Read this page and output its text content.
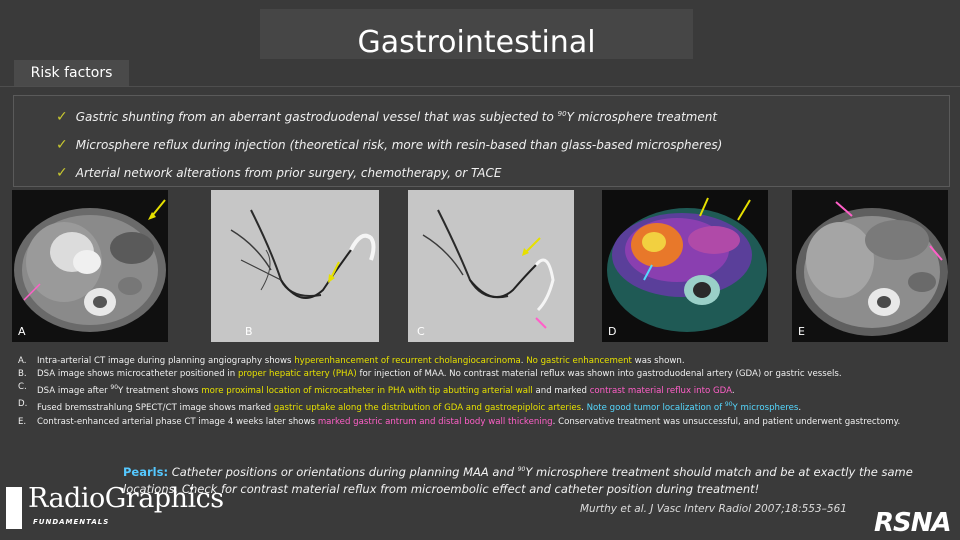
Gastrointestinal
Risk factors
✓ Gastric shunting from an aberrant gastroduodenal vessel that was subjected to $^{90}$Y microsphere treatment
✓ Microsphere reflux during injection (theoretical risk, more with resin-based than glass-based microspheres)
✓ Arterial network alterations from prior surgery, chemotherapy, or TACE
A	B	C	D	E
A.	Intra-arterial CT image during planning angiography shows hyperenhancement of recurrent cholangiocarcinoma. No gastric enhancement was shown.
B.	DSA image shows microcatheter positioned in proper hepatic artery (PHA) for injection of MAA. No contrast material reflux was shown into gastroduodenal artery (GDA) or gastric vessels.
C.	DSA image after $^{90}$Y treatment shows more proximal location of microcatheter in PHA with tip abutting arterial wall and marked contrast material reflux into GDA.
D.	Fused bremsstrahlung SPECT/CT image shows marked gastric uptake along the distribution of GDA and gastroepiploic arteries. Note good tumor localization of $^{90}$Y microspheres.
E.	Contrast-enhanced arterial phase CT image 4 weeks later shows marked gastric antrum and distal body wall thickening. Conservative treatment was unsuccessful, and patient underwent gastrectomy.
Pearls: Catheter positions or orientations during planning MAA and $^{90}$Y microsphere treatment should match and be at exactly the same locations. Check for contrast material reflux from microembolic effect and catheter position during treatment!
RadioGraphics
FUNDAMENTALS
Murthy et al. J Vasc Interv Radiol 2007;18:553–561 RSNA
